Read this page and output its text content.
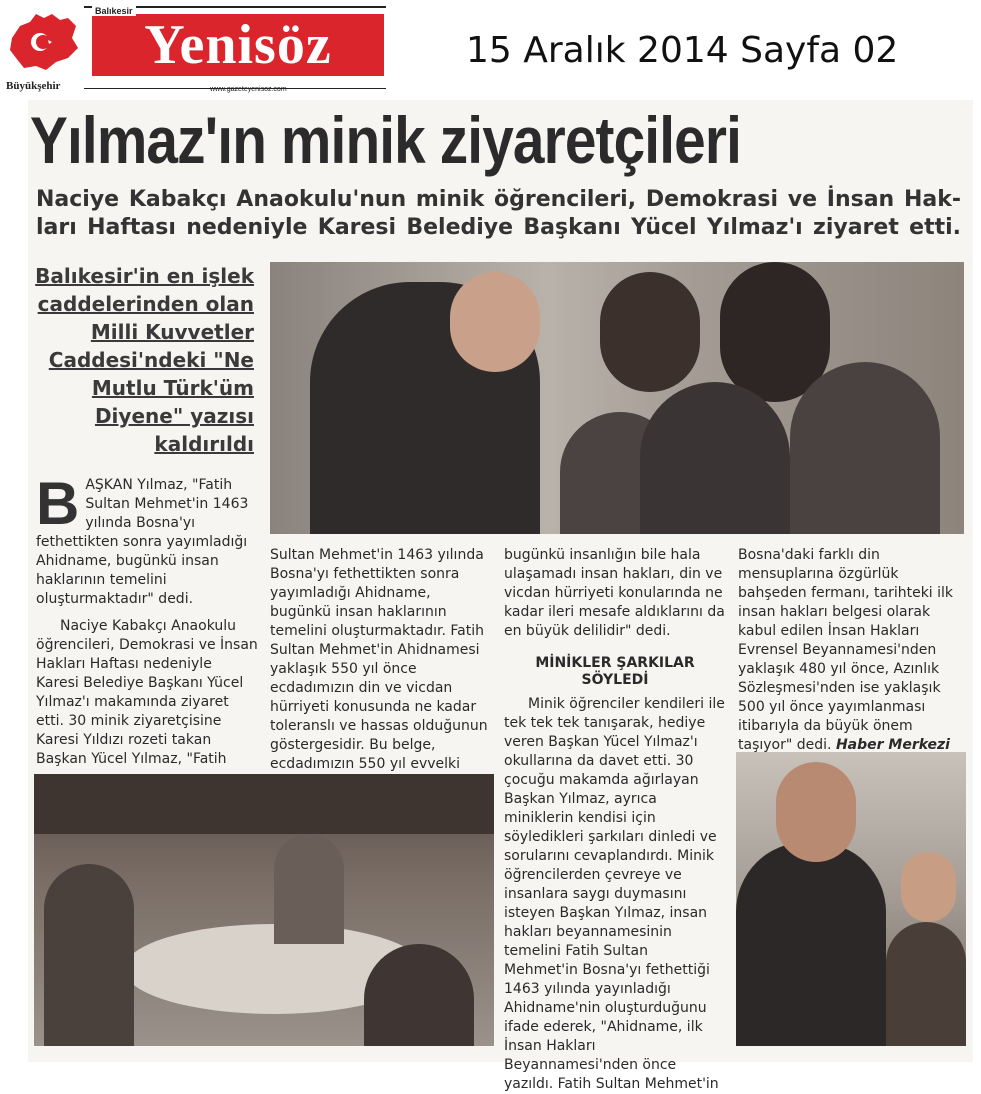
Büyükşehir
Yenisöz
Balıkesir
www.gazeteyenisoz.com
15 Aralık 2014 Sayfa 02
Yılmaz'ın minik ziyaretçileri
Naciye Kabakçı Anaokulu'nun minik öğrencileri, Demokrasi ve İnsan Hak-
ları Haftası nedeniyle Karesi Belediye Başkanı Yücel Yılmaz'ı ziyaret etti.
Balıkesir'in en işlek caddelerinden olan Milli Kuvvetler Caddesi'ndeki "Ne Mutlu Türk'üm Diyene" yazısı kaldırıldı

BAŞKAN Yılmaz, "Fatih Sultan Mehmet'in 1463 yılında Bosna'yı fethettikten sonra yayımladığı Ahidname, bugünkü insan haklarının temelini oluşturmaktadır" dedi.

Naciye Kabakçı Anaokulu öğrencileri, Demokrasi ve İnsan Hakları Haftası nedeniyle Karesi Belediye Başkanı Yücel Yılmaz'ı makamında ziyaret etti. 30 minik ziyaretçisine Karesi Yıldızı rozeti takan Başkan Yücel Yılmaz, "Fatih

Sultan Mehmet'in 1463 yılında Bosna'yı fethettikten sonra yayımladığı Ahidname, bugünkü insan haklarının temelini oluşturmaktadır. Fatih Sultan Mehmet'in Ahidnamesi yaklaşık 550 yıl önce ecdadımızın din ve vicdan hürriyeti konusunda ne kadar toleranslı ve hassas olduğunun göstergesidir. Bu belge, ecdadımızın 550 yıl evvelki

bugünkü insanlığın bile hala ulaşamadı insan hakları, din ve vicdan hürriyeti konularında ne kadar ileri mesafe aldıklarını da en büyük delilidir" dedi.

MİNİKLER ŞARKILAR SÖYLEDİ

Minik öğrenciler kendileri ile tek tek tek tanışarak, hediye veren Başkan Yücel Yılmaz'ı okullarına da davet etti. 30 çocuğu makamda ağırlayan Başkan Yılmaz, ayrıca miniklerin kendisi için söyledikleri şarkıları dinledi ve sorularını cevaplandırdı. Minik öğrencilerden çevreye ve insanlara saygı duymasını isteyen Başkan Yılmaz, insan hakları beyannamesinin temelini Fatih Sultan Mehmet'in Bosna'yı fethettiği 1463 yılında yayınladığı Ahidname'nin oluşturduğunu ifade ederek, "Ahidname, ilk İnsan Hakları Beyannamesi'nden önce yazıldı. Fatih Sultan Mehmet'in

Bosna'daki farklı din mensuplarına özgürlük bahşeden fermanı, tarihteki ilk insan hakları belgesi olarak kabul edilen İnsan Hakları Evrensel Beyannamesi'nden yaklaşık 480 yıl önce, Azınlık Sözleşmesi'nden ise yaklaşık 500 yıl önce yayımlanması itibarıyla da büyük önem taşıyor" dedi. Haber Merkezi
